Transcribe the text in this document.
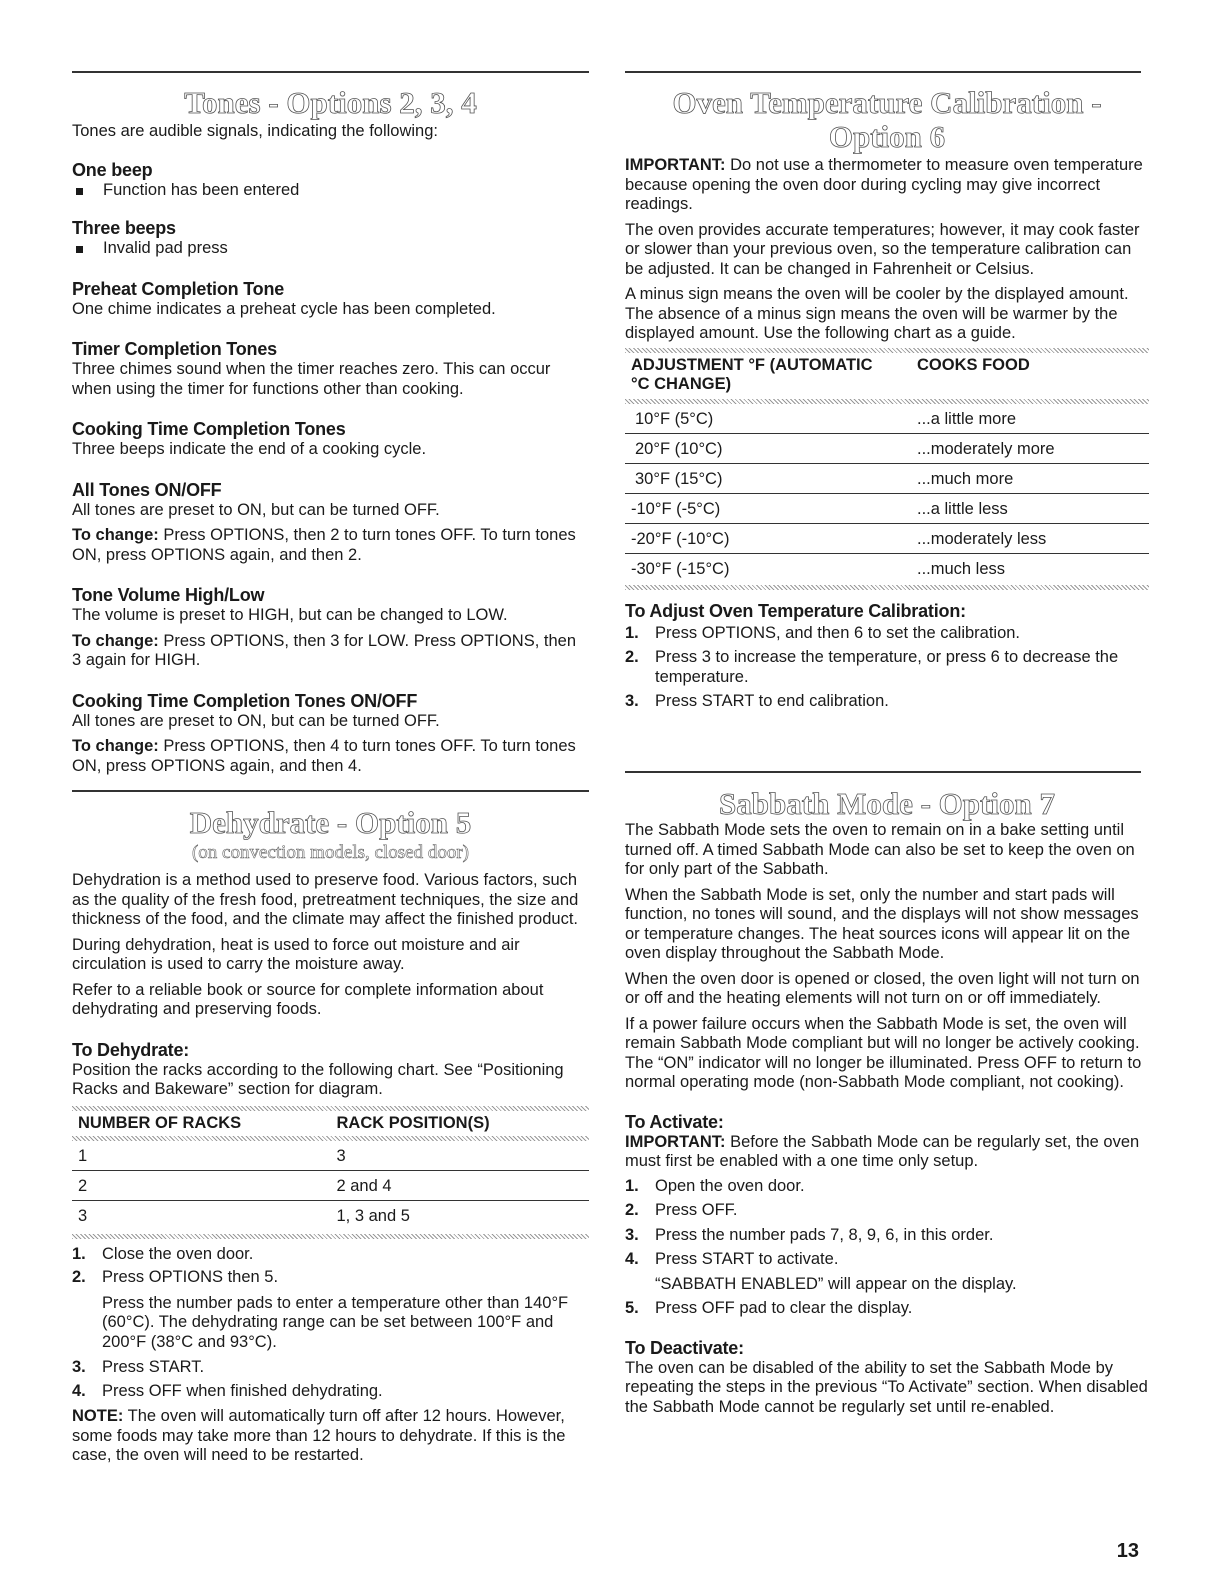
Tones - Options 2, 3, 4

Tones are audible signals, indicating the following:

One beep
Function has been entered
Three beeps
Invalid pad press
Preheat Completion Tone

One chime indicates a preheat cycle has been completed.

Timer Completion Tones

Three chimes sound when the timer reaches zero. This can occur when using the timer for functions other than cooking.

Cooking Time Completion Tones

Three beeps indicate the end of a cooking cycle.

All Tones ON/OFF

All tones are preset to ON, but can be turned OFF.

To change: Press OPTIONS, then 2 to turn tones OFF. To turn tones ON, press OPTIONS again, and then 2.

Tone Volume High/Low

The volume is preset to HIGH, but can be changed to LOW.

To change: Press OPTIONS, then 3 for LOW. Press OPTIONS, then 3 again for HIGH.

Cooking Time Completion Tones ON/OFF

All tones are preset to ON, but can be turned OFF.

To change: Press OPTIONS, then 4 to turn tones OFF. To turn tones ON, press OPTIONS again, and then 4.

Dehydrate - Option 5
(on convection models, closed door)

Dehydration is a method used to preserve food. Various factors, such as the quality of the fresh food, pretreatment techniques, the size and thickness of the food, and the climate may affect the finished product.

During dehydration, heat is used to force out moisture and air circulation is used to carry the moisture away.

Refer to a reliable book or source for complete information about dehydrating and preserving foods.

To Dehydrate:

Position the racks according to the following chart. See “Positioning Racks and Bakeware” section for diagram.

NUMBER OF RACKS	RACK POSITION(S)
1	3
2	2 and 4
3	1, 3 and 5
1. Close the oven door.
2. Press OPTIONS then 5.
Press the number pads to enter a temperature other than 140°F (60°C). The dehydrating range can be set between 100°F and 200°F (38°C and 93°C).
3. Press START.
4. Press OFF when finished dehydrating.

NOTE: The oven will automatically turn off after 12 hours. However, some foods may take more than 12 hours to dehydrate. If this is the case, the oven will need to be restarted.

Oven Temperature Calibration -
Option 6

IMPORTANT: Do not use a thermometer to measure oven temperature because opening the oven door during cycling may give incorrect readings.

The oven provides accurate temperatures; however, it may cook faster or slower than your previous oven, so the temperature calibration can be adjusted. It can be changed in Fahrenheit or Celsius.

A minus sign means the oven will be cooler by the displayed amount. The absence of a minus sign means the oven will be warmer by the displayed amount. Use the following chart as a guide.

ADJUSTMENT °F (AUTOMATIC °C CHANGE)	COOKS FOOD
10°F (5°C)	...a little more
20°F (10°C)	...moderately more
30°F (15°C)	...much more
-10°F (-5°C)	...a little less
-20°F (-10°C)	...moderately less
-30°F (-15°C)	...much less
To Adjust Oven Temperature Calibration:
1. Press OPTIONS, and then 6 to set the calibration.
2. Press 3 to increase the temperature, or press 6 to decrease the temperature.
3. Press START to end calibration.
Sabbath Mode - Option 7

The Sabbath Mode sets the oven to remain on in a bake setting until turned off. A timed Sabbath Mode can also be set to keep the oven on for only part of the Sabbath.

When the Sabbath Mode is set, only the number and start pads will function, no tones will sound, and the displays will not show messages or temperature changes. The heat sources icons will appear lit on the oven display throughout the Sabbath Mode.

When the oven door is opened or closed, the oven light will not turn on or off and the heating elements will not turn on or off immediately.

If a power failure occurs when the Sabbath Mode is set, the oven will remain Sabbath Mode compliant but will no longer be actively cooking. The “ON” indicator will no longer be illuminated. Press OFF to return to normal operating mode (non-Sabbath Mode compliant, not cooking).

To Activate:

IMPORTANT: Before the Sabbath Mode can be regularly set, the oven must first be enabled with a one time only setup.

1. Open the oven door.
2. Press OFF.
3. Press the number pads 7, 8, 9, 6, in this order.
4. Press START to activate.
“SABBATH ENABLED” will appear on the display.
5. Press OFF pad to clear the display.
To Deactivate:

The oven can be disabled of the ability to set the Sabbath Mode by repeating the steps in the previous “To Activate” section. When disabled the Sabbath Mode cannot be regularly set until re-enabled.

13
